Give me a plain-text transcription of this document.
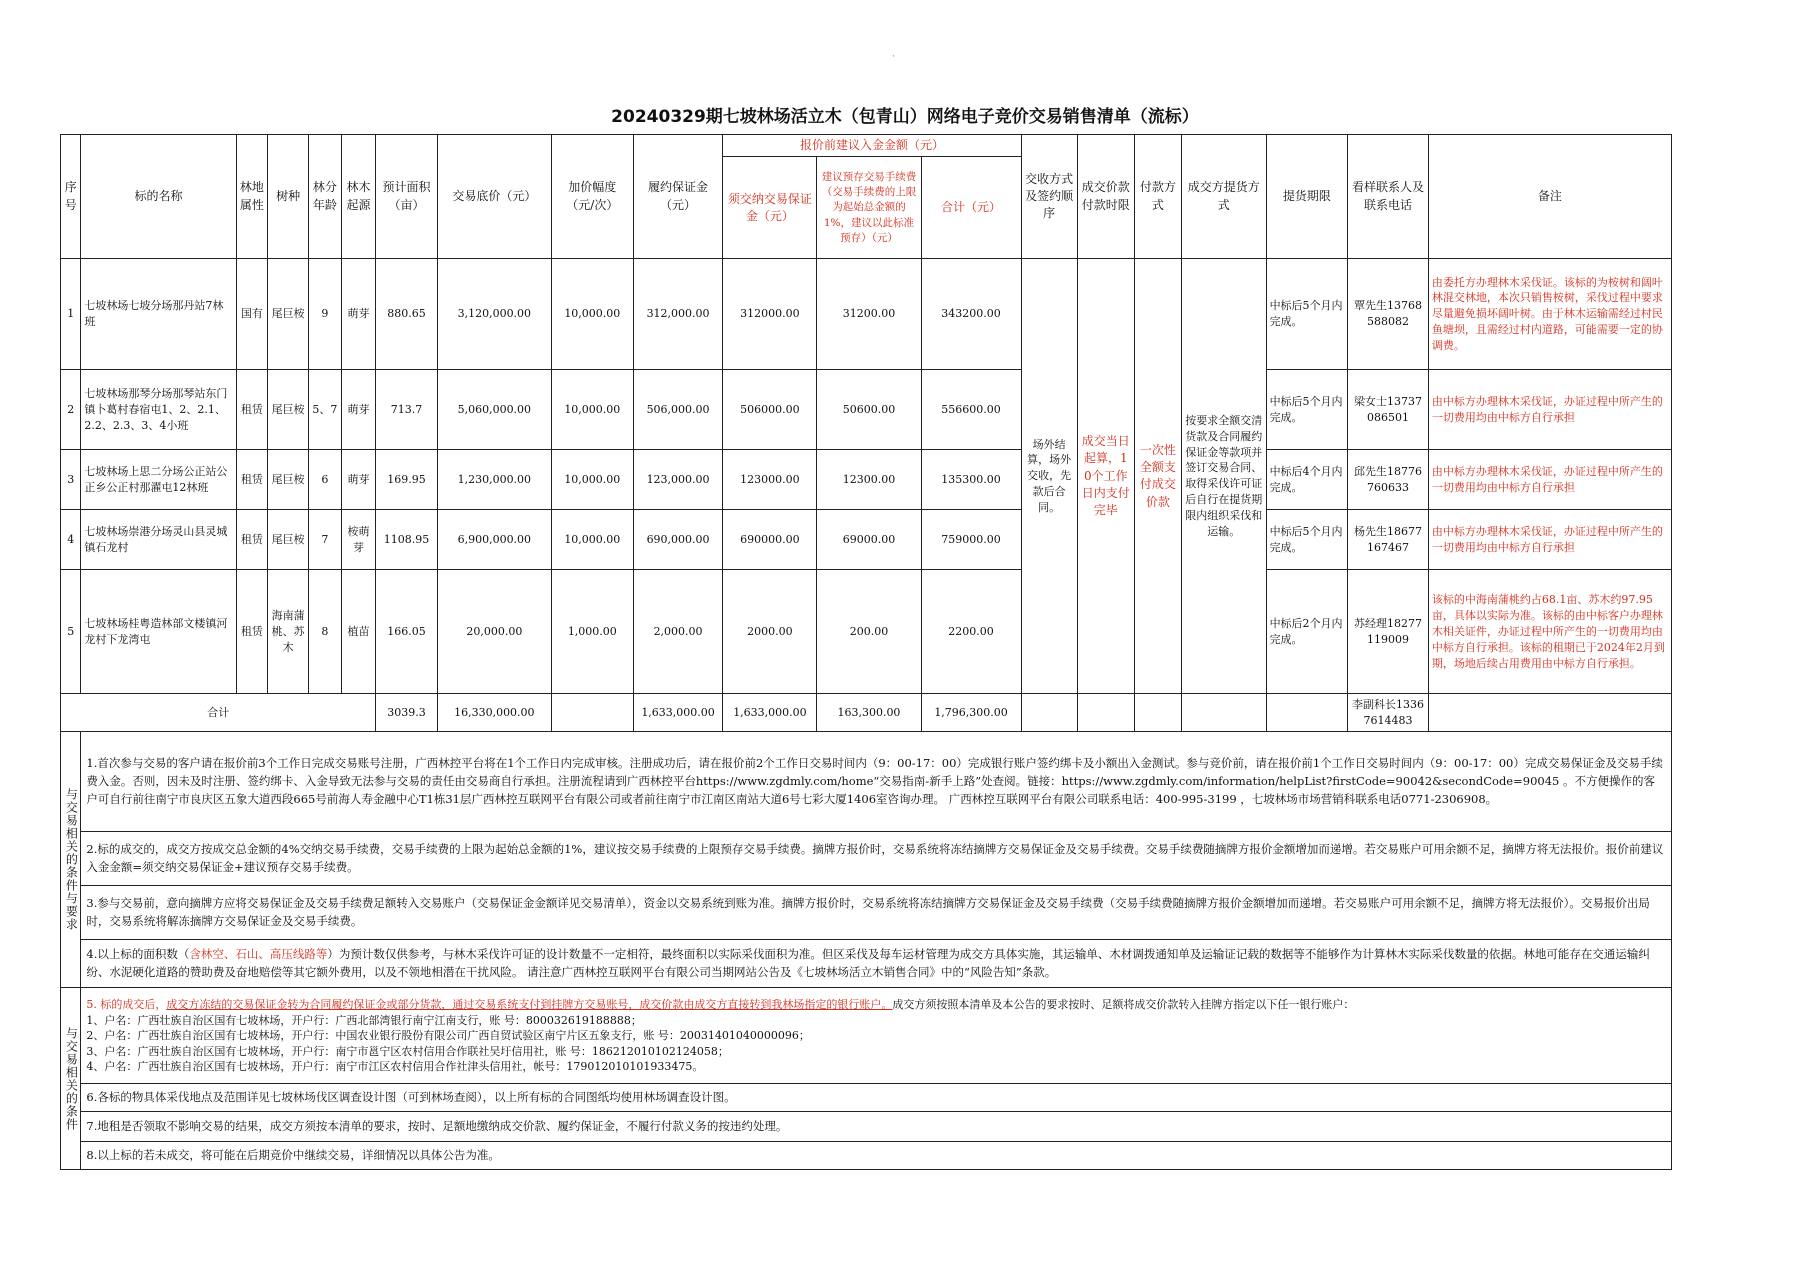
20240329期七坡林场活立木（包青山）网络电子竞价交易销售清单（流标）
·
序号	标的名称	林地属性	树种	林分年龄	林木起源	预计面积（亩）	交易底价（元）	加价幅度（元/次）	履约保证金（元）	报价前建议入金金额（元）			交收方式及签约顺序	成交价款付款时限	付款方式	成交方提货方式	提货期限	看样联系人及联系电话	备注
										须交纳交易保证金（元）	建议预存交易手续费（交易手续费的上限为起始总金额的1%，建议以此标准预存）（元）	合计（元）							
1	七坡林场七坡分场那丹站7林班	国有	尾巨桉	9	萌芽	880.65	3,120,000.00	10,000.00	312,000.00	312000.00	31200.00	343200.00	场外结算，场外交收，先款后合同。	成交当日起算，10个工作日内支付完毕	一次性全额支付成交价款	按要求全额交清货款及合同履约保证金等款项并签订交易合同、取得采伐许可证后自行在提货期限内组织采伐和运输。	中标后5个月内完成。	覃先生13768588082	由委托方办理林木采伐证。该标的为桉树和阔叶林混交林地，本次只销售桉树，采伐过程中要求尽量避免损坏阔叶树。由于林木运输需经过村民鱼塘坝，且需经过村内道路，可能需要一定的协调费。
2	七坡林场那琴分场那琴站东门镇卜葛村春宿屯1、2、2.1、2.2、2.3、3、4小班	租赁	尾巨桉	5、7	萌芽	713.7	5,060,000.00	10,000.00	506,000.00	506000.00	50600.00	556600.00					中标后5个月内完成。	梁女士13737086501	由中标方办理林木采伐证，办证过程中所产生的一切费用均由中标方自行承担
3	七坡林场上思二分场公正站公正乡公正村那濯屯12林班	租赁	尾巨桉	6	萌芽	169.95	1,230,000.00	10,000.00	123,000.00	123000.00	12300.00	135300.00					中标后4个月内完成。	邱先生18776760633	由中标方办理林木采伐证，办证过程中所产生的一切费用均由中标方自行承担
4	七坡林场崇港分场灵山县灵城镇石龙村	租赁	尾巨桉	7	桉萌芽	1108.95	6,900,000.00	10,000.00	690,000.00	690000.00	69000.00	759000.00					中标后5个月内完成。	杨先生18677167467	由中标方办理林木采伐证，办证过程中所产生的一切费用均由中标方自行承担
5	七坡林场桂粤造林部文楼镇河龙村下龙湾屯	租赁	海南蒲桃、苏木	8	植苗	166.05	20,000.00	1,000.00	2,000.00	2000.00	200.00	2200.00					中标后2个月内完成。	苏经理18277119009	该标的中海南蒲桃约占68.1亩、苏木约97.95亩，具体以实际为准。该标的由中标客户办理林木相关证件，办证过程中所产生的一切费用均由中标方自行承担。该标的租期已于2024年2月到期，场地后续占用费用由中标方自行承担。
合计						3039.3	16,330,000.00		1,633,000.00	1,633,000.00	163,300.00	1,796,300.00						李副科长13367614483	
与交易相关的条件与要求	1.首次参与交易的客户请在报价前3个工作日完成交易账号注册，广西林控平台将在1个工作日内完成审核。注册成功后，请在报价前2个工作日交易时间内（9：00-17：00）完成银行账户签约绑卡及小额出入金测试。参与竞价前，请在报价前1个工作日交易时间内（9：00-17：00）完成交易保证金及交易手续费入金。否则，因未及时注册、签约绑卡、入金导致无法参与交易的责任由交易商自行承担。注册流程请到广西林控平台https://www.zgdmly.com/home“交易指南-新手上路”处查阅。链接：https://www.zgdmly.com/information/helpList?firstCode=90042&secondCode=90045 。不方便操作的客户可自行前往南宁市良庆区五象大道西段665号前海人寿金融中心T1栋31层广西林控互联网平台有限公司或者前往南宁市江南区南站大道6号七彩大厦1406室咨询办理。 广西林控互联网平台有限公司联系电话：400-995-3199 ，七坡林场市场营销科联系电话0771-2306908。																		
	2.标的成交的，成交方按成交总金额的4%交纳交易手续费，交易手续费的上限为起始总金额的1%，建议按交易手续费的上限预存交易手续费。摘牌方报价时，交易系统将冻结摘牌方交易保证金及交易手续费。交易手续费随摘牌方报价金额增加而递增。若交易账户可用余额不足，摘牌方将无法报价。报价前建议入金金额=须交纳交易保证金+建议预存交易手续费。																		
	3.参与交易前，意向摘牌方应将交易保证金及交易手续费足额转入交易账户（交易保证金金额详见交易清单），资金以交易系统到账为准。摘牌方报价时，交易系统将冻结摘牌方交易保证金及交易手续费（交易手续费随摘牌方报价金额增加而递增。若交易账户可用余额不足，摘牌方将无法报价）。交易报价出局时，交易系统将解冻摘牌方交易保证金及交易手续费。																		
	4.以上标的面积数（含林空、石山、高压线路等）为预计数仅供参考，与林木采伐许可证的设计数量不一定相符，最终面积以实际采伐面积为准。但区采伐及每车运材管理为成交方具体实施，其运输单、木材调拨通知单及运输证记载的数据等不能够作为计算林木实际采伐数量的依据。林地可能存在交通运输纠纷、水泥硬化道路的赞助费及奋地赔偿等其它额外费用，以及不领地相潜在干扰风险。 请注意广西林控互联网平台有限公司当期网站公告及《七坡林场活立木销售合同》中的“风险告知”条款。																		
与交易相关的条件	5. 标的成交后，成交方冻结的交易保证金转为合同履约保证金或部分货款，通过交易系统支付到挂牌方交易账号，成交价款由成交方直接转到我林场指定的银行账户。成交方须按照本清单及本公告的要求按时、足额将成交价款转入挂牌方指定以下任一银行账户：
1、户名：广西壮族自治区国有七坡林场，开户行：广西北部湾银行南宁江南支行，账 号：800032619188888；
2、户名：广西壮族自治区国有七坡林场，开户行：中国农业银行股份有限公司广西自贸试验区南宁片区五象支行，账 号：20031401040000096；
3、户名：广西壮族自治区国有七坡林场，开户行：南宁市邕宁区农村信用合作联社吴圩信用社，账 号：186212010102124058；
4、户名：广西壮族自治区国有七坡林场，开户行：南宁市江区农村信用合作社津头信用社，帐号：179012010101933475。																		

	6.各标的物具体采伐地点及范围详见七坡林场伐区调查设计图（可到林场查阅），以上所有标的合同图纸均使用林场调查设计图。																		
	7.地租是否领取不影响交易的结果，成交方须按本清单的要求，按时、足额地缴纳成交价款、履约保证金，不履行付款义务的按违约处理。																		
	8.以上标的若未成交，将可能在后期竞价中继续交易，详细情况以具体公告为准。																		
